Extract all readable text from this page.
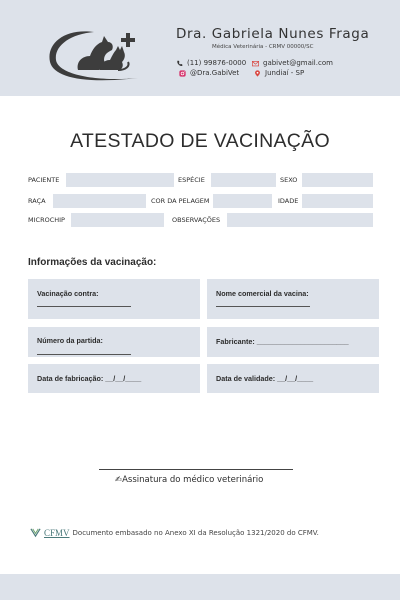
Dra. Gabriela Nunes Fraga
Médica Veterinária - CRMV 00000/SC
(11) 99876-0000 gabivet@gmail.com
@Dra.GabiVet	Jundiaí - SP
ATESTADO DE VACINAÇÃO
PACIENTE	ESPÉCIE	SEXO
RAÇA	COR DA PELAGEM	IDADE
MICROCHIP	OBSERVAÇÕES
Informações da vacinação:
Vacinação contra:	Nome comercial da vacina:
Número da partida:	Fabricante: _______________________
Data de fabricação: __/__/____	Data de validade: __/__/____
✍Assinatura do médico veterinário
CFMV Documento embasado no Anexo XI da Resolução 1321/2020 do CFMV.
